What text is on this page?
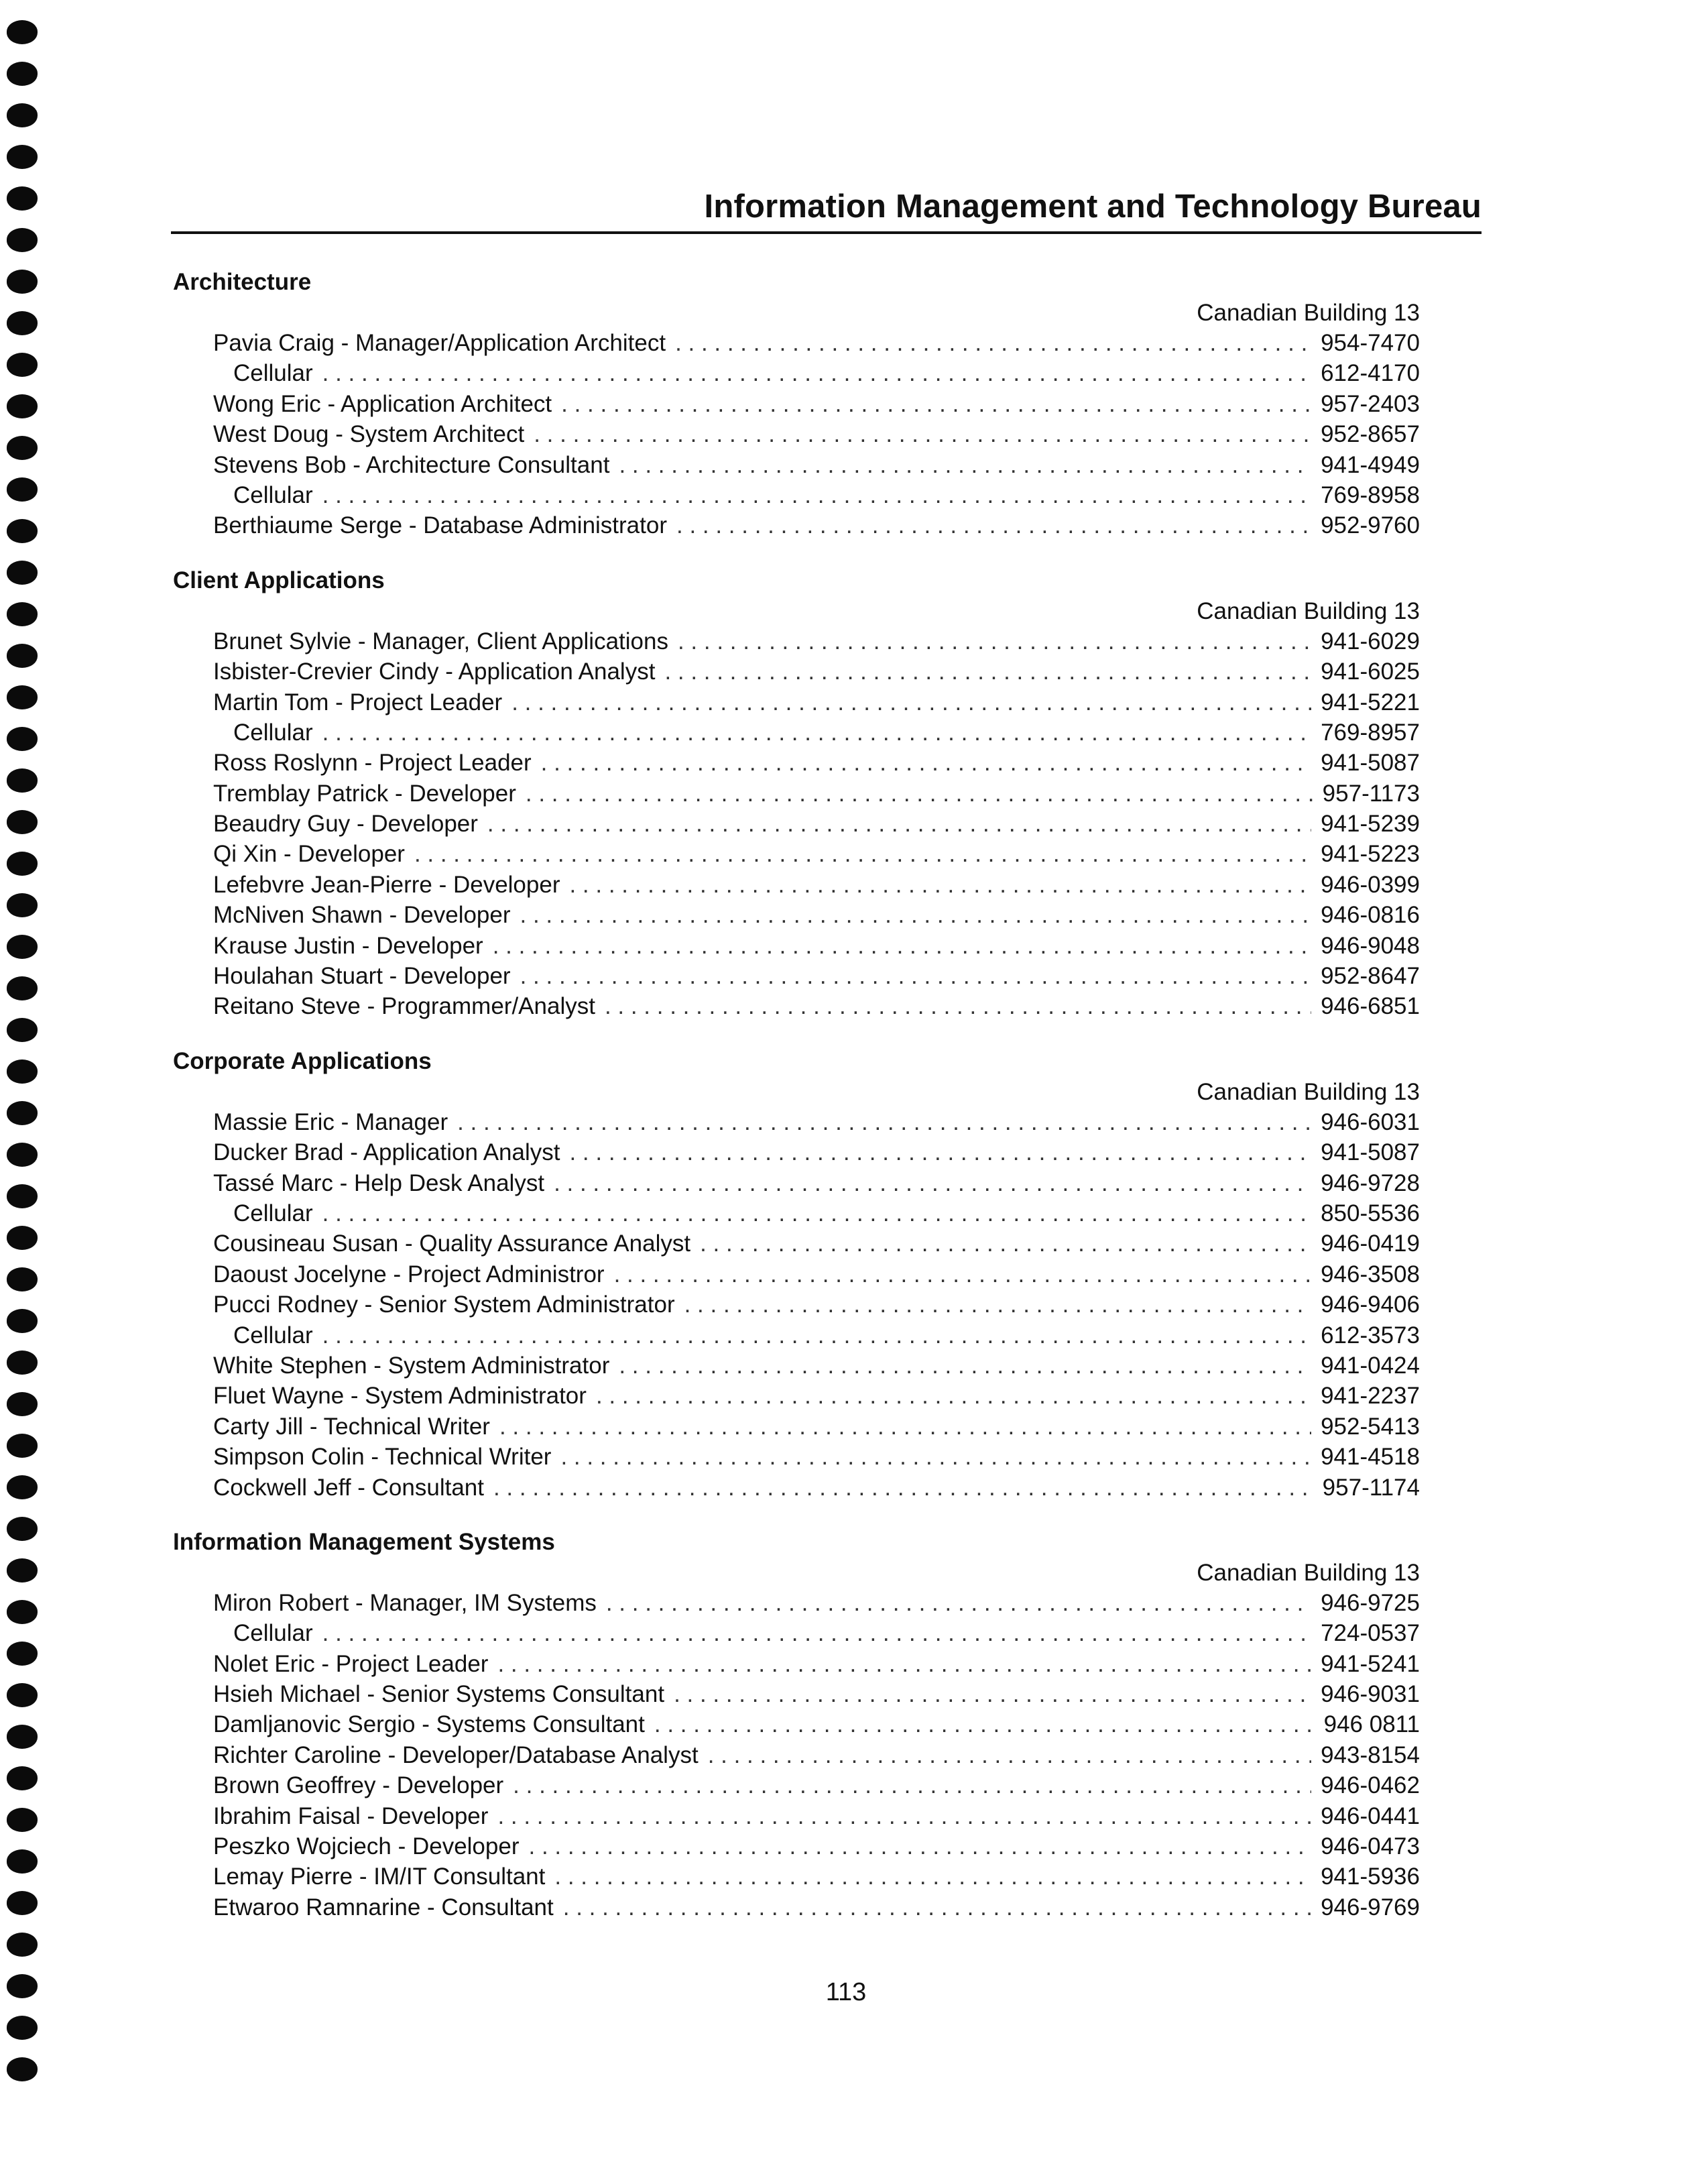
Information Management and Technology Bureau
Architecture
Canadian Building 13
Pavia Craig - Manager/Application Architect . . .	954-7470
Cellular . . .	612-4170
Wong Eric - Application Architect . . .	957-2403
West Doug - System Architect . . .	952-8657
Stevens Bob - Architecture Consultant . . .	941-4949
Cellular . . .	769-8958
Berthiaume Serge - Database Administrator . . .	952-9760
Client Applications
Canadian Building 13
Brunet Sylvie - Manager, Client Applications . . .	941-6029
Isbister-Crevier Cindy - Application Analyst . . .	941-6025
Martin Tom - Project Leader . . .	941-5221
Cellular . . .	769-8957
Ross Roslynn - Project Leader . . .	941-5087
Tremblay Patrick - Developer . . .	957-1173
Beaudry Guy - Developer . . .	941-5239
Qi Xin - Developer . . .	941-5223
Lefebvre Jean-Pierre - Developer . . .	946-0399
McNiven Shawn - Developer . . .	946-0816
Krause Justin - Developer . . .	946-9048
Houlahan Stuart - Developer . . .	952-8647
Reitano Steve - Programmer/Analyst . . .	946-6851
Corporate Applications
Canadian Building 13
Massie Eric - Manager . . .	946-6031
Ducker Brad - Application Analyst . . .	941-5087
Tassé Marc - Help Desk Analyst . . .	946-9728
Cellular . . .	850-5536
Cousineau Susan - Quality Assurance Analyst . . .	946-0419
Daoust Jocelyne - Project Administror . . .	946-3508
Pucci Rodney - Senior System Administrator . . .	946-9406
Cellular . . .	612-3573
White Stephen - System Administrator . . .	941-0424
Fluet Wayne - System Administrator . . .	941-2237
Carty Jill - Technical Writer . . .	952-5413
Simpson Colin - Technical Writer . . .	941-4518
Cockwell Jeff - Consultant . . .	957-1174
Information Management Systems
Canadian Building 13
Miron Robert - Manager, IM Systems . . .	946-9725
Cellular . . .	724-0537
Nolet Eric - Project Leader . . .	941-5241
Hsieh Michael - Senior Systems Consultant . . .	946-9031
Damljanovic Sergio - Systems Consultant . . .	946 0811
Richter Caroline - Developer/Database Analyst . . .	943-8154
Brown Geoffrey - Developer . . .	946-0462
Ibrahim Faisal - Developer . . .	946-0441
Peszko Wojciech - Developer . . .	946-0473
Lemay Pierre - IM/IT Consultant . . .	941-5936
Etwaroo Ramnarine - Consultant . . .	946-9769
113
